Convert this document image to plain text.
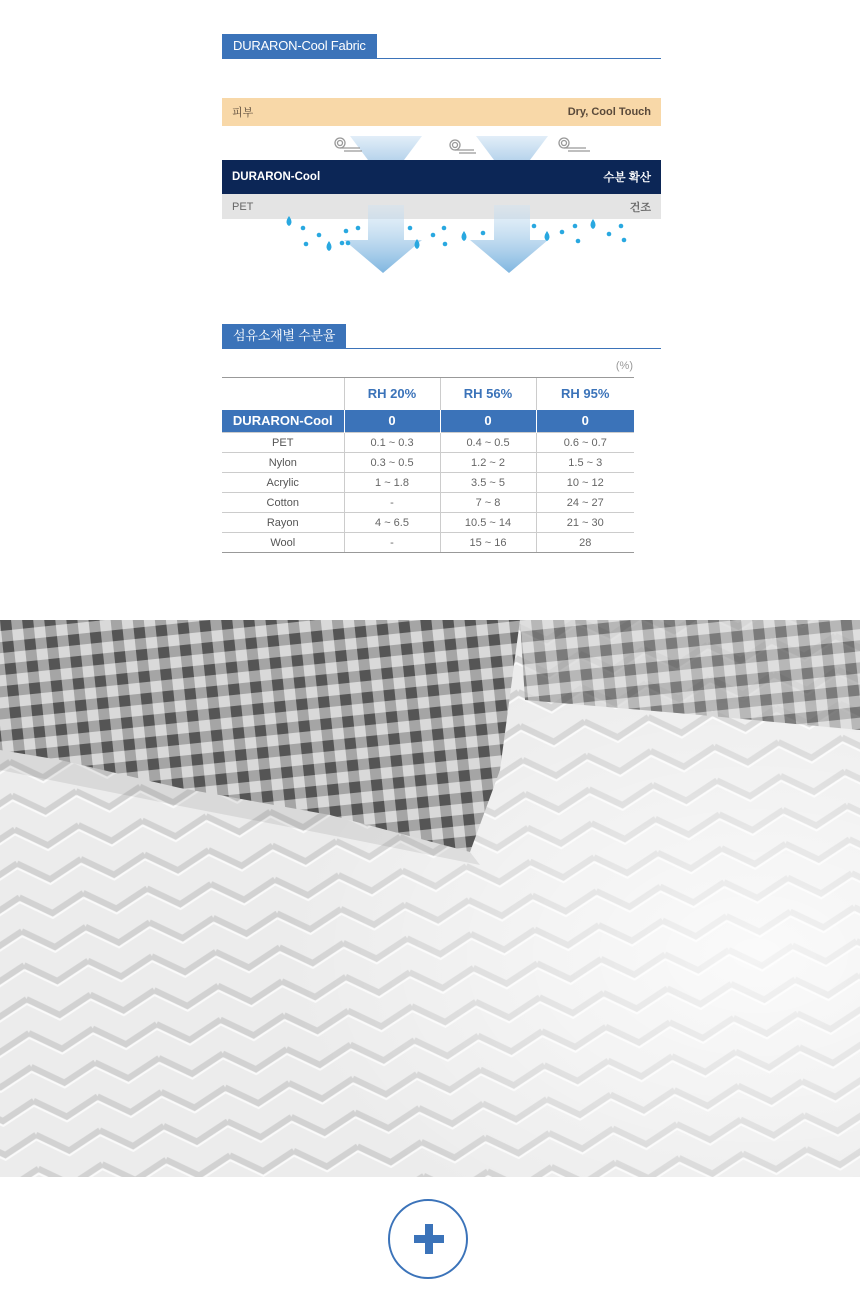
DURARON-Cool Fabric
피부	Dry, Cool Touch
DURARON-Cool	수분 확산
PET	건조
섬유소재별 수분율
(%)
	RH 20%	RH 56%	RH 95%
DURARON-Cool	0	0	0
PET	0.1 ~ 0.3	0.4 ~ 0.5	0.6 ~ 0.7
Nylon	0.3 ~ 0.5	1.2 ~ 2	1.5 ~ 3
Acrylic	1 ~ 1.8	3.5 ~ 5	10 ~ 12
Cotton	-	7 ~ 8	24 ~ 27
Rayon	4 ~ 6.5	10.5 ~ 14	21 ~ 30
Wool	-	15 ~ 16	28
